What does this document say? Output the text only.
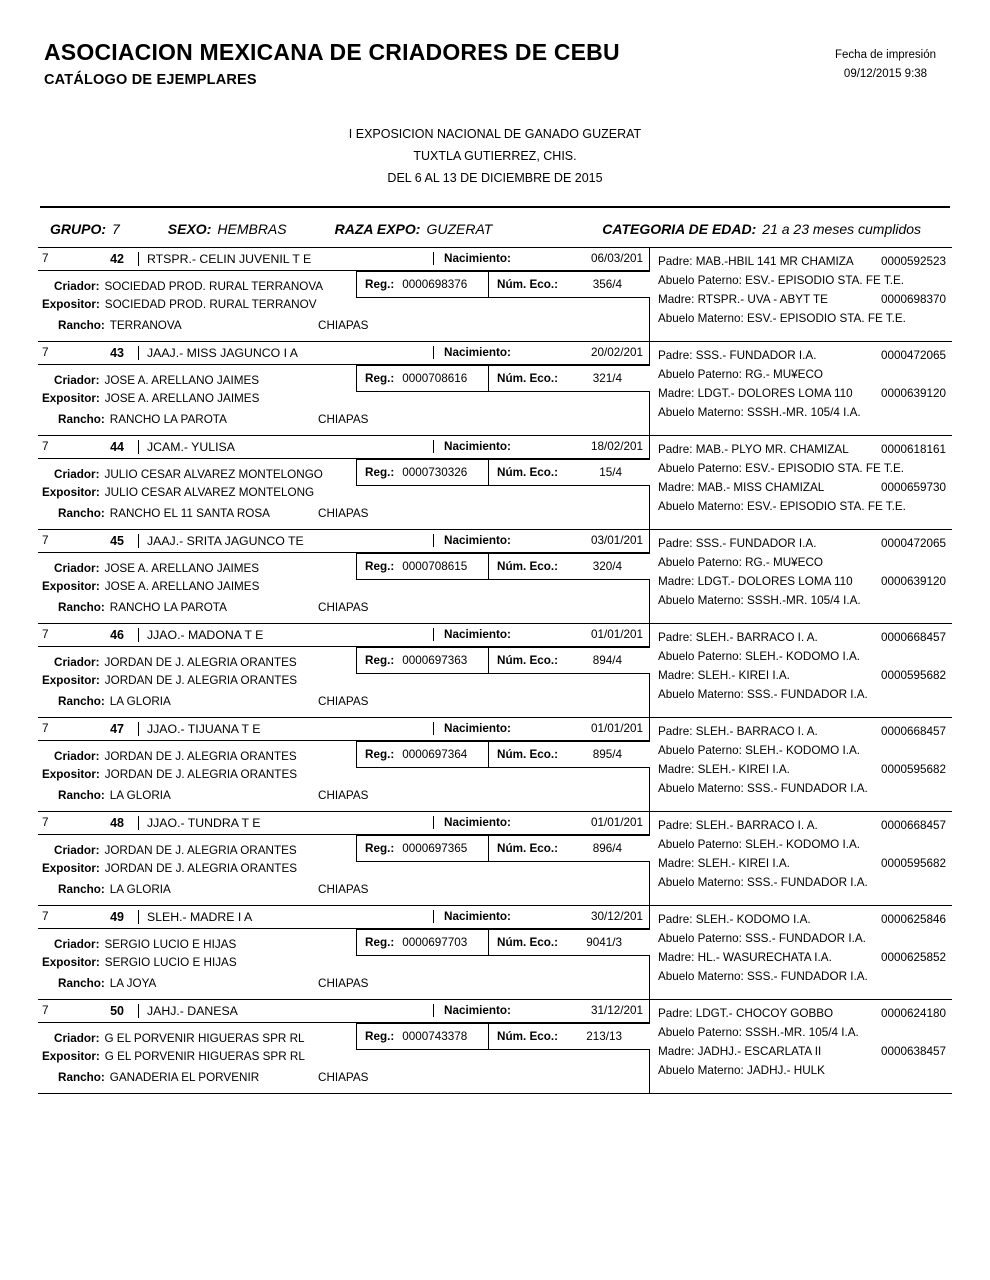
ASOCIACION MEXICANA DE CRIADORES DE CEBU
CATÁLOGO DE EJEMPLARES
Fecha de impresión
09/12/2015 9:38
I EXPOSICION NACIONAL DE GANADO GUZERAT
TUXTLA GUTIERREZ, CHIS.
DEL 6 AL 13 DE DICIEMBRE DE 2015
GRUPO: 7	SEXO: HEMBRAS	RAZA EXPO: GUZERAT	CATEGORIA DE EDAD: 21 a 23 meses cumplidos
7	42	RTSPR.- CELIN JUVENIL T E	Nacimiento:	06/03/201
Criador: SOCIEDAD PROD. RURAL TERRANOVA	Reg.: 0000698376	Núm. Eco.:	356/4
Expositor: SOCIEDAD PROD. RURAL TERRANOV
Rancho: TERRANOVA	CHIAPAS
0000592523
Padre: MAB.-HBIL 141 MR CHAMIZA
Abuelo Paterno: ESV.- EPISODIO STA. FE T.E.
0000698370
Madre: RTSPR.- UVA - ABYT TE
Abuelo Materno: ESV.- EPISODIO STA. FE T.E.
7	43	JAAJ.- MISS JAGUNCO I A	Nacimiento:	20/02/201
Criador: JOSE A. ARELLANO JAIMES	Reg.: 0000708616	Núm. Eco.:	321/4
Expositor: JOSE A. ARELLANO JAIMES
Rancho: RANCHO LA PAROTA	CHIAPAS
0000472065
Padre: SSS.- FUNDADOR I.A.
Abuelo Paterno: RG.- MU¥ECO
0000639120
Madre: LDGT.- DOLORES LOMA 110
Abuelo Materno: SSSH.-MR. 105/4 I.A.
7	44	JCAM.- YULISA	Nacimiento:	18/02/201
Criador: JULIO CESAR ALVAREZ MONTELONGO	Reg.: 0000730326	Núm. Eco.:	15/4
Expositor: JULIO CESAR ALVAREZ MONTELONG
Rancho: RANCHO EL 11 SANTA ROSA	CHIAPAS
0000618161
Padre: MAB.- PLYO MR. CHAMIZAL
Abuelo Paterno: ESV.- EPISODIO STA. FE T.E.
0000659730
Madre: MAB.- MISS CHAMIZAL
Abuelo Materno: ESV.- EPISODIO STA. FE T.E.
7	45	JAAJ.- SRITA JAGUNCO TE	Nacimiento:	03/01/201
Criador: JOSE A. ARELLANO JAIMES	Reg.: 0000708615	Núm. Eco.:	320/4
Expositor: JOSE A. ARELLANO JAIMES
Rancho: RANCHO LA PAROTA	CHIAPAS
0000472065
Padre: SSS.- FUNDADOR I.A.
Abuelo Paterno: RG.- MU¥ECO
0000639120
Madre: LDGT.- DOLORES LOMA 110
Abuelo Materno: SSSH.-MR. 105/4 I.A.
7	46	JJAO.- MADONA T E	Nacimiento:	01/01/201
Criador: JORDAN DE J. ALEGRIA ORANTES	Reg.: 0000697363	Núm. Eco.:	894/4
Expositor: JORDAN DE J. ALEGRIA ORANTES
Rancho: LA GLORIA	CHIAPAS
0000668457
Padre: SLEH.- BARRACO I. A.
Abuelo Paterno: SLEH.- KODOMO I.A.
0000595682
Madre: SLEH.- KIREI I.A.
Abuelo Materno: SSS.- FUNDADOR I.A.
7	47	JJAO.- TIJUANA T E	Nacimiento:	01/01/201
Criador: JORDAN DE J. ALEGRIA ORANTES	Reg.: 0000697364	Núm. Eco.:	895/4
Expositor: JORDAN DE J. ALEGRIA ORANTES
Rancho: LA GLORIA	CHIAPAS
0000668457
Padre: SLEH.- BARRACO I. A.
Abuelo Paterno: SLEH.- KODOMO I.A.
0000595682
Madre: SLEH.- KIREI I.A.
Abuelo Materno: SSS.- FUNDADOR I.A.
7	48	JJAO.- TUNDRA T E	Nacimiento:	01/01/201
Criador: JORDAN DE J. ALEGRIA ORANTES	Reg.: 0000697365	Núm. Eco.:	896/4
Expositor: JORDAN DE J. ALEGRIA ORANTES
Rancho: LA GLORIA	CHIAPAS
0000668457
Padre: SLEH.- BARRACO I. A.
Abuelo Paterno: SLEH.- KODOMO I.A.
0000595682
Madre: SLEH.- KIREI I.A.
Abuelo Materno: SSS.- FUNDADOR I.A.
7	49	SLEH.- MADRE I A	Nacimiento:	30/12/201
Criador: SERGIO LUCIO E HIJAS	Reg.: 0000697703	Núm. Eco.: 9041/3
Expositor: SERGIO LUCIO E HIJAS
Rancho: LA JOYA	CHIAPAS
0000625846
Padre: SLEH.- KODOMO I.A.
Abuelo Paterno: SSS.- FUNDADOR I.A.
0000625852
Madre: HL.- WASURECHATA I.A.
Abuelo Materno: SSS.- FUNDADOR I.A.
7	50	JAHJ.- DANESA	Nacimiento:	31/12/201
Criador: G EL PORVENIR HIGUERAS SPR RL	Reg.: 0000743378	Núm. Eco.: 213/13
Expositor: G EL PORVENIR HIGUERAS SPR RL
Rancho: GANADERIA EL PORVENIR	CHIAPAS
0000624180
Padre: LDGT.- CHOCOY GOBBO
Abuelo Paterno: SSSH.-MR. 105/4 I.A.
0000638457
Madre: JADHJ.- ESCARLATA II
Abuelo Materno: JADHJ.- HULK
